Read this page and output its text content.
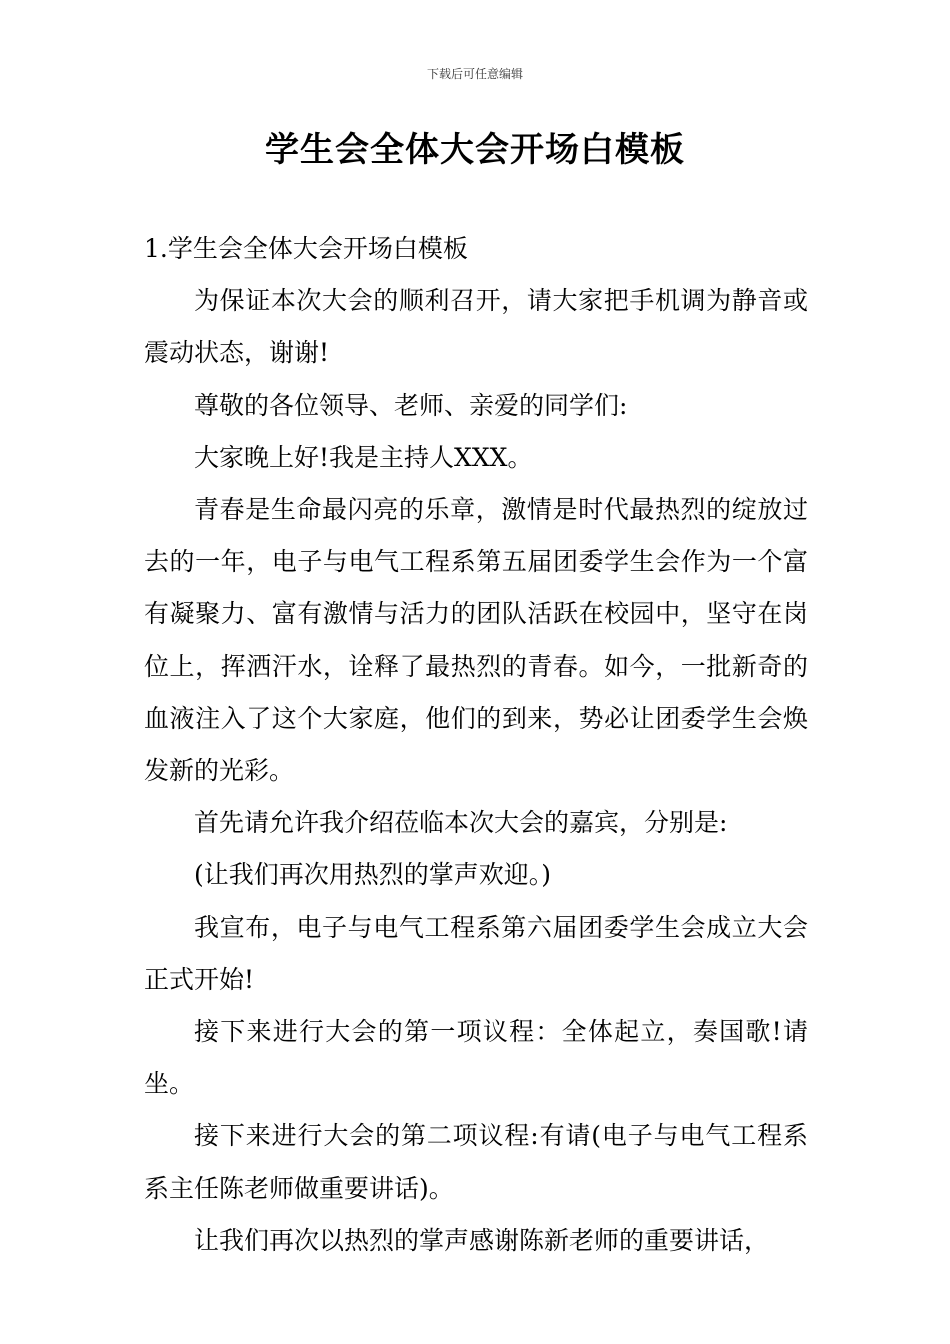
下载后可任意编辑
学生会全体大会开场白模板

1.学生会全体大会开场白模板

为保证本次大会的顺利召开，请大家把手机调为静音或震动状态，谢谢!

尊敬的各位领导、老师、亲爱的同学们:

大家晚上好!我是主持人XXX。

青春是生命最闪亮的乐章，激情是时代最热烈的绽放过去的一年，电子与电气工程系第五届团委学生会作为一个富有凝聚力、富有激情与活力的团队活跃在校园中，坚守在岗位上，挥洒汗水，诠释了最热烈的青春。如今，一批新奇的血液注入了这个大家庭，他们的到来，势必让团委学生会焕发新的光彩。

首先请允许我介绍莅临本次大会的嘉宾，分别是:

(让我们再次用热烈的掌声欢迎。)

我宣布，电子与电气工程系第六届团委学生会成立大会正式开始!

接下来进行大会的第一项议程：全体起立，奏国歌!请坐。

接下来进行大会的第二项议程:有请(电子与电气工程系系主任陈老师做重要讲话)。

让我们再次以热烈的掌声感谢陈新老师的重要讲话，
